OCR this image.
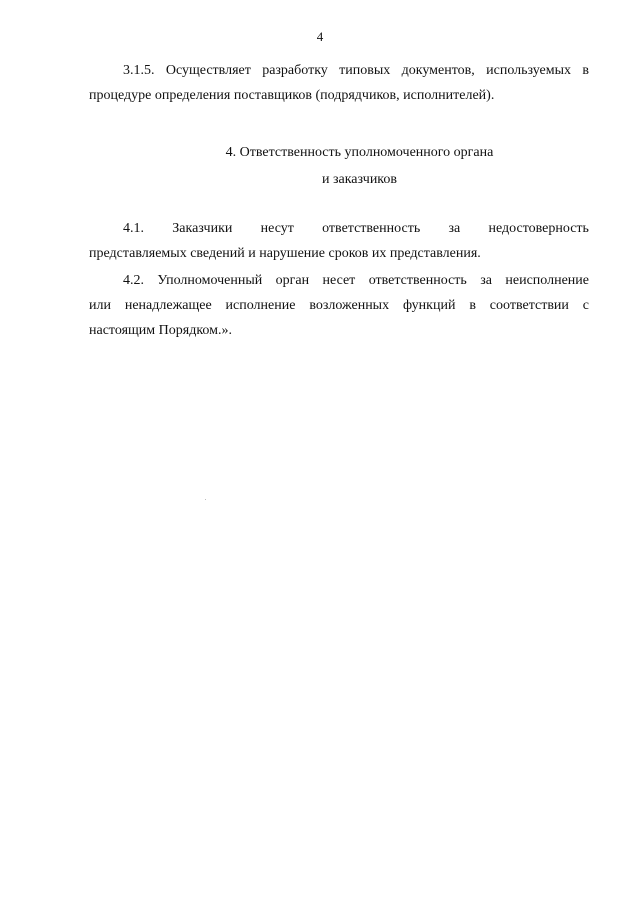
4
3.1.5. Осуществляет разработку типовых документов, используемых в
процедуре определения поставщиков (подрядчиков, исполнителей).
4. Ответственность уполномоченного органа
и заказчиков
4.1. Заказчики несут ответственность за недостоверность
представляемых сведений и нарушение сроков их представления.
4.2. Уполномоченный орган несет ответственность за неисполнение
или ненадлежащее исполнение возложенных функций в соответствии с
настоящим Порядком.».
